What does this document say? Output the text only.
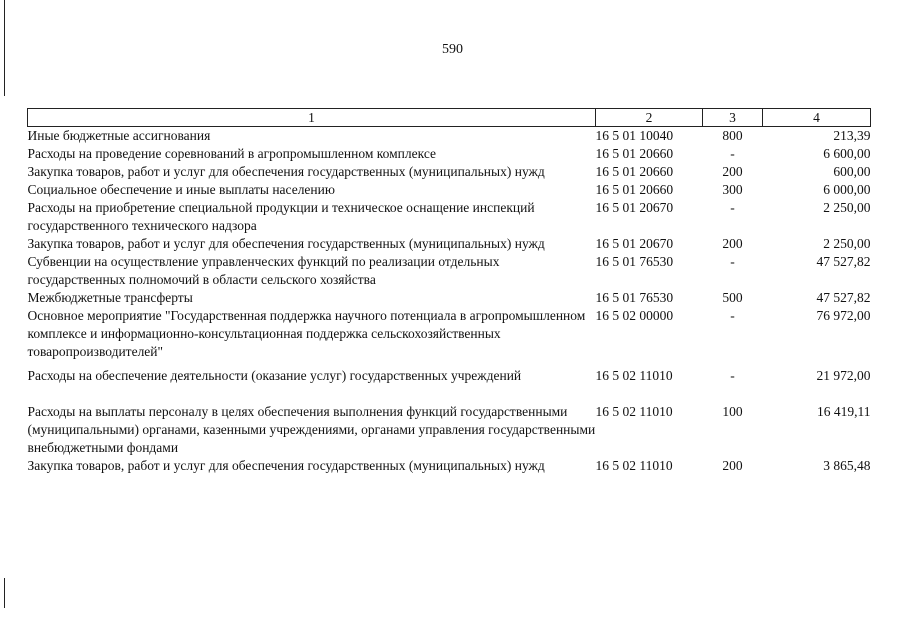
590
1	2	3	4
Иные бюджетные ассигнования	16 5 01 10040	800	213,39
Расходы на проведение соревнований в агропромышленном комплексе	16 5 01 20660	-	6 600,00
Закупка товаров, работ и услуг для обеспечения государственных (муниципальных) нужд	16 5 01 20660	200	600,00
Социальное обеспечение и иные выплаты населению	16 5 01 20660	300	6 000,00
Расходы на приобретение специальной продукции и техническое оснащение инспекций государственного технического надзора	16 5 01 20670	-	2 250,00
Закупка товаров, работ и услуг для обеспечения государственных (муниципальных) нужд	16 5 01 20670	200	2 250,00
Субвенции на осуществление управленческих функций по реализации отдельных государственных полномочий в области сельского хозяйства	16 5 01 76530	-	47 527,82
Межбюджетные трансферты	16 5 01 76530	500	47 527,82
Основное мероприятие "Государственная поддержка научного потенциала в агропромышленном комплексе и информационно-консультационная поддержка сельскохозяйственных товаропроизводителей"	16 5 02 00000	-	76 972,00
Расходы на обеспечение деятельности (оказание услуг) государственных учреждений	16 5 02 11010	-	21 972,00
Расходы на выплаты персоналу в целях обеспечения выполнения функций государственными (муниципальными) органами, казенными учреждениями, органами управления государственными внебюджетными фондами	16 5 02 11010	100	16 419,11
Закупка товаров, работ и услуг для обеспечения государственных (муниципальных) нужд	16 5 02 11010	200	3 865,48
